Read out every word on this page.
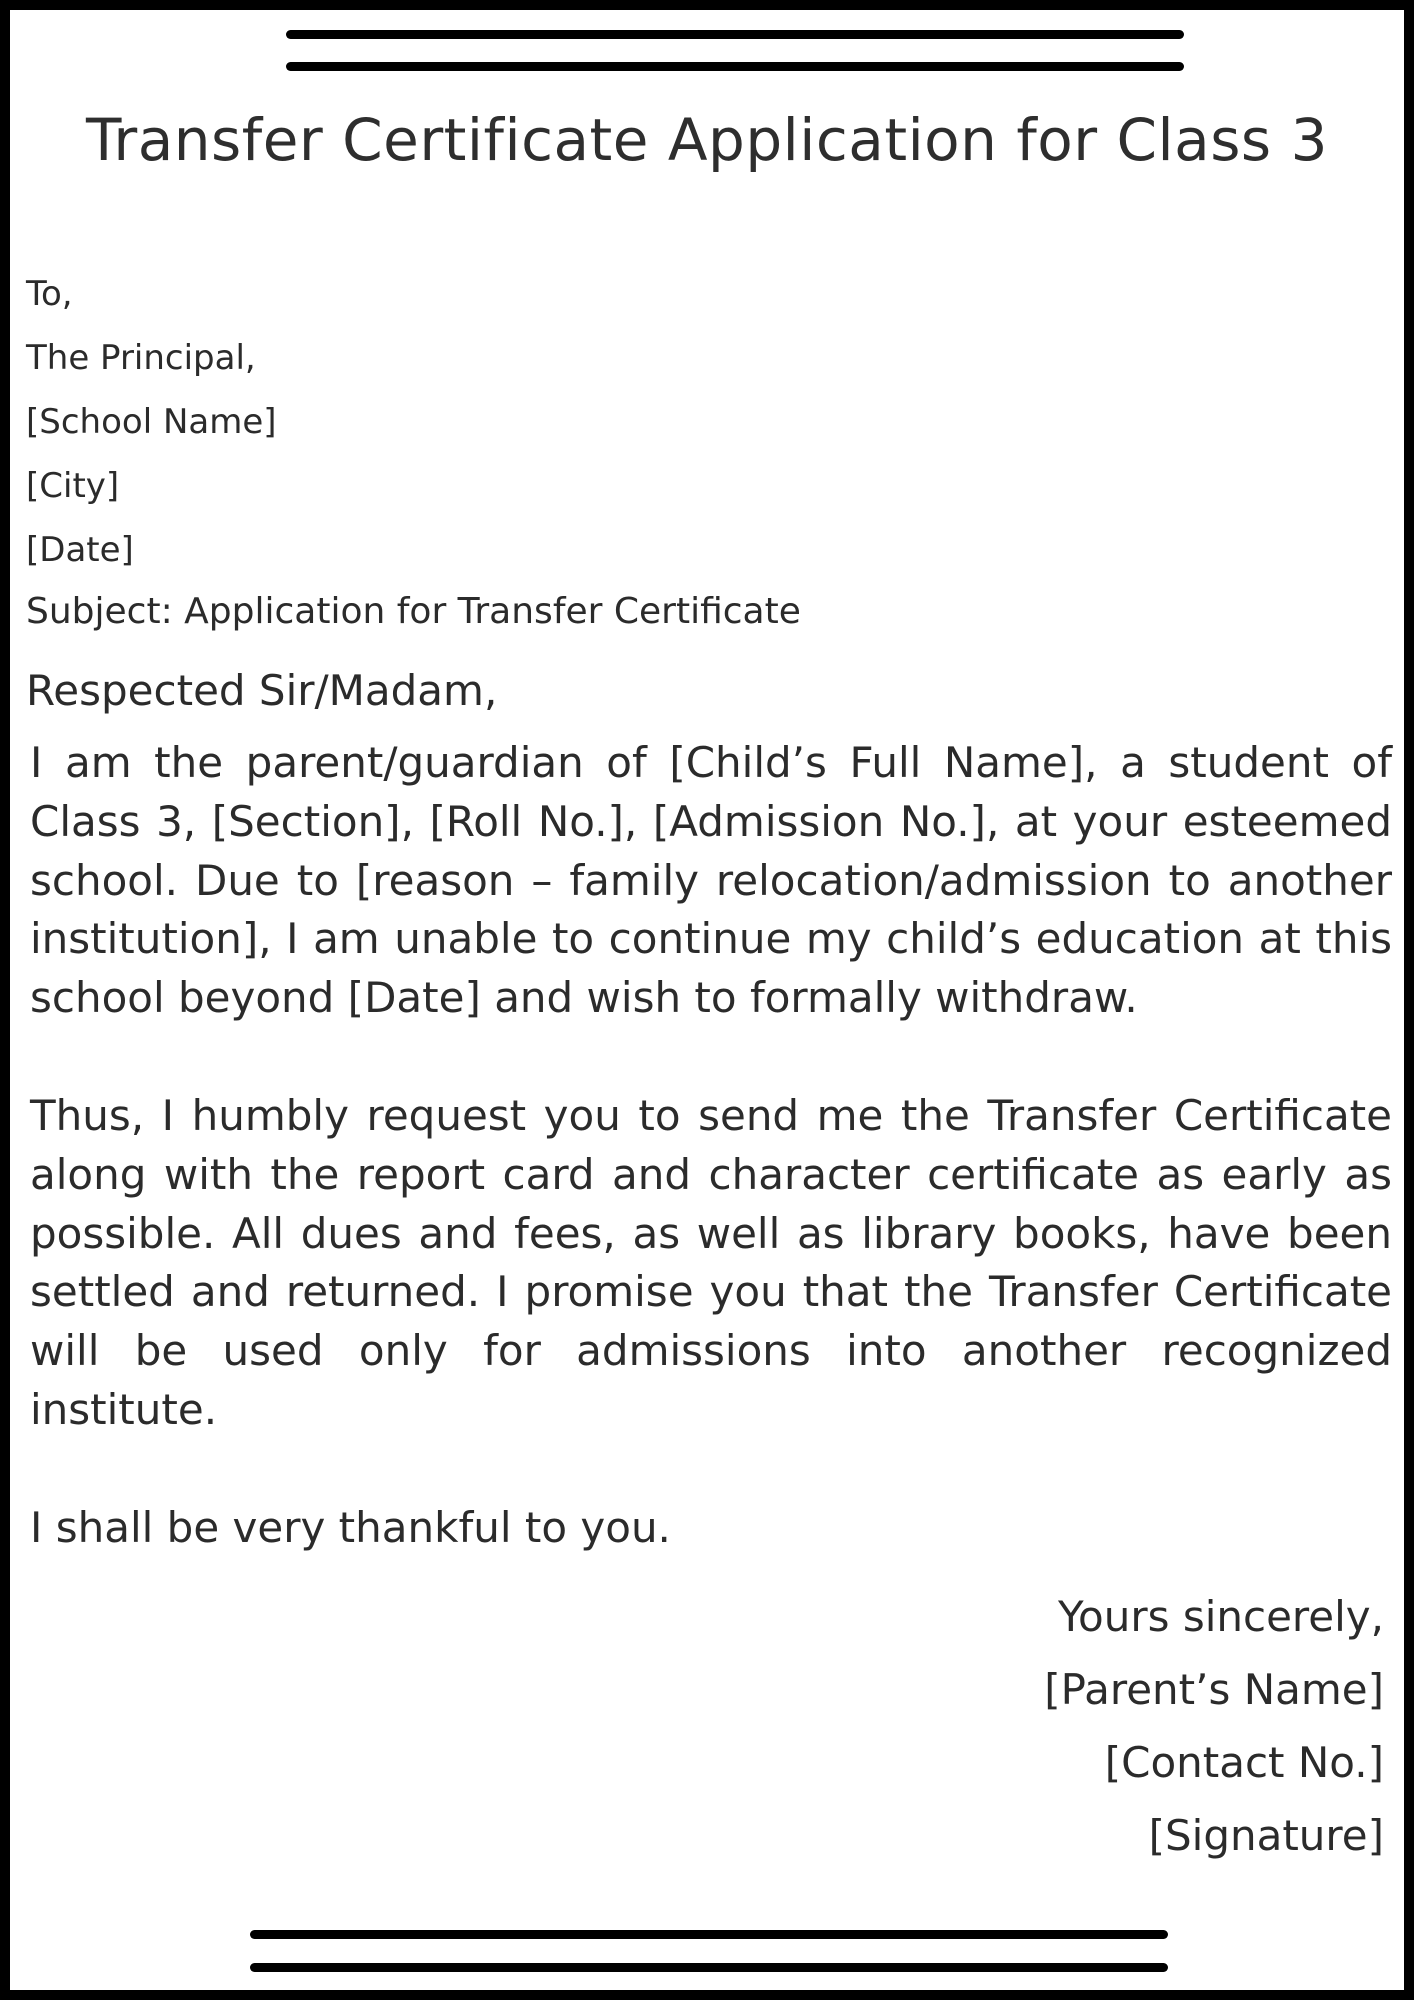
Transfer Certificate Application for Class 3
To,
The Principal,
[School Name]
[City]
[Date]
Subject: Application for Transfer Certificate
Respected Sir/Madam,

I am the parent/guardian of [Child’s Full Name], a student of Class 3, [Section], [Roll No.], [Admission No.], at your esteemed school. Due to [reason – family relocation/admission to another institution], I am unable to continue my child’s education at this school beyond [Date] and wish to formally withdraw.

Thus, I humbly request you to send me the Transfer Certificate along with the report card and character certificate as early as possible. All dues and fees, as well as library books, have been settled and returned. I promise you that the Transfer Certificate will be used only for admissions into another recognized institute.

I shall be very thankful to you.

Yours sincerely,
[Parent’s Name]
[Contact No.]
[Signature]
